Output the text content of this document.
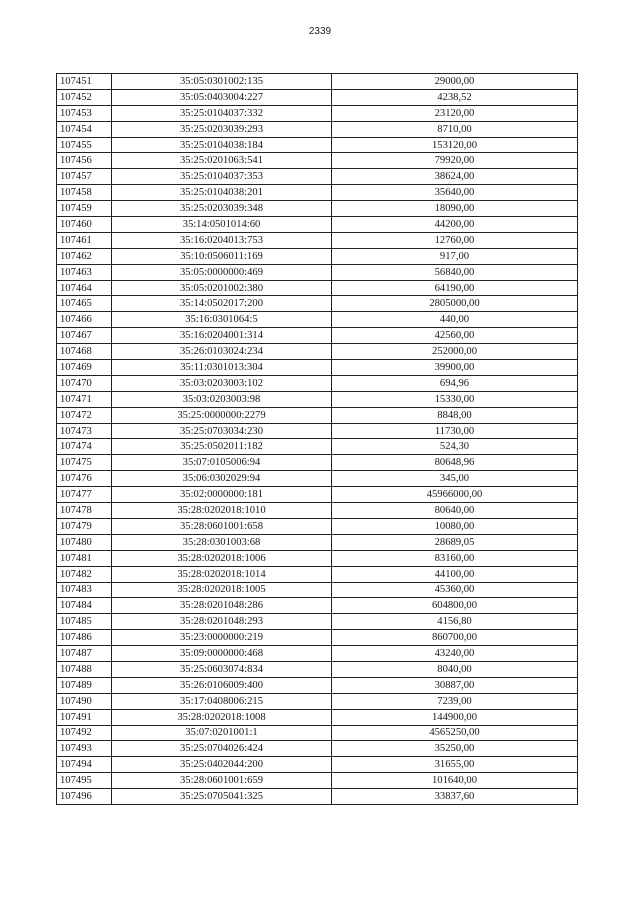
2339
107451	35:05:0301002:135	29000,00
107452	35:05:0403004:227	4238,52
107453	35:25:0104037:332	23120,00
107454	35:25:0203039:293	8710,00
107455	35:25:0104038:184	153120,00
107456	35:25:0201063:541	79920,00
107457	35:25:0104037:353	38624,00
107458	35:25:0104038:201	35640,00
107459	35:25:0203039:348	18090,00
107460	35:14:0501014:60	44200,00
107461	35:16:0204013:753	12760,00
107462	35:10:0506011:169	917,00
107463	35:05:0000000:469	56840,00
107464	35:05:0201002:380	64190,00
107465	35:14:0502017:200	2805000,00
107466	35:16:0301064:5	440,00
107467	35:16:0204001:314	42560,00
107468	35:26:0103024:234	252000,00
107469	35:11:0301013:304	39900,00
107470	35:03:0203003:102	694,96
107471	35:03:0203003:98	15330,00
107472	35:25:0000000:2279	8848,00
107473	35:25:0703034:230	11730,00
107474	35:25:0502011:182	524,30
107475	35:07:0105006:94	80648,96
107476	35:06:0302029:94	345,00
107477	35:02:0000000:181	45966000,00
107478	35:28:0202018:1010	80640,00
107479	35:28:0601001:658	10080,00
107480	35:28:0301003:68	28689,05
107481	35:28:0202018:1006	83160,00
107482	35:28:0202018:1014	44100,00
107483	35:28:0202018:1005	45360,00
107484	35:28:0201048:286	604800,00
107485	35:28:0201048:293	4156,80
107486	35:23:0000000:219	860700,00
107487	35:09:0000000:468	43240,00
107488	35:25:0603074:834	8040,00
107489	35:26:0106009:400	30887,00
107490	35:17:0408006:215	7239,00
107491	35:28:0202018:1008	144900,00
107492	35:07:0201001:1	4565250,00
107493	35:25:0704026:424	35250,00
107494	35:25:0402044:200	31655,00
107495	35:28:0601001:659	101640,00
107496	35:25:0705041:325	33837,60
